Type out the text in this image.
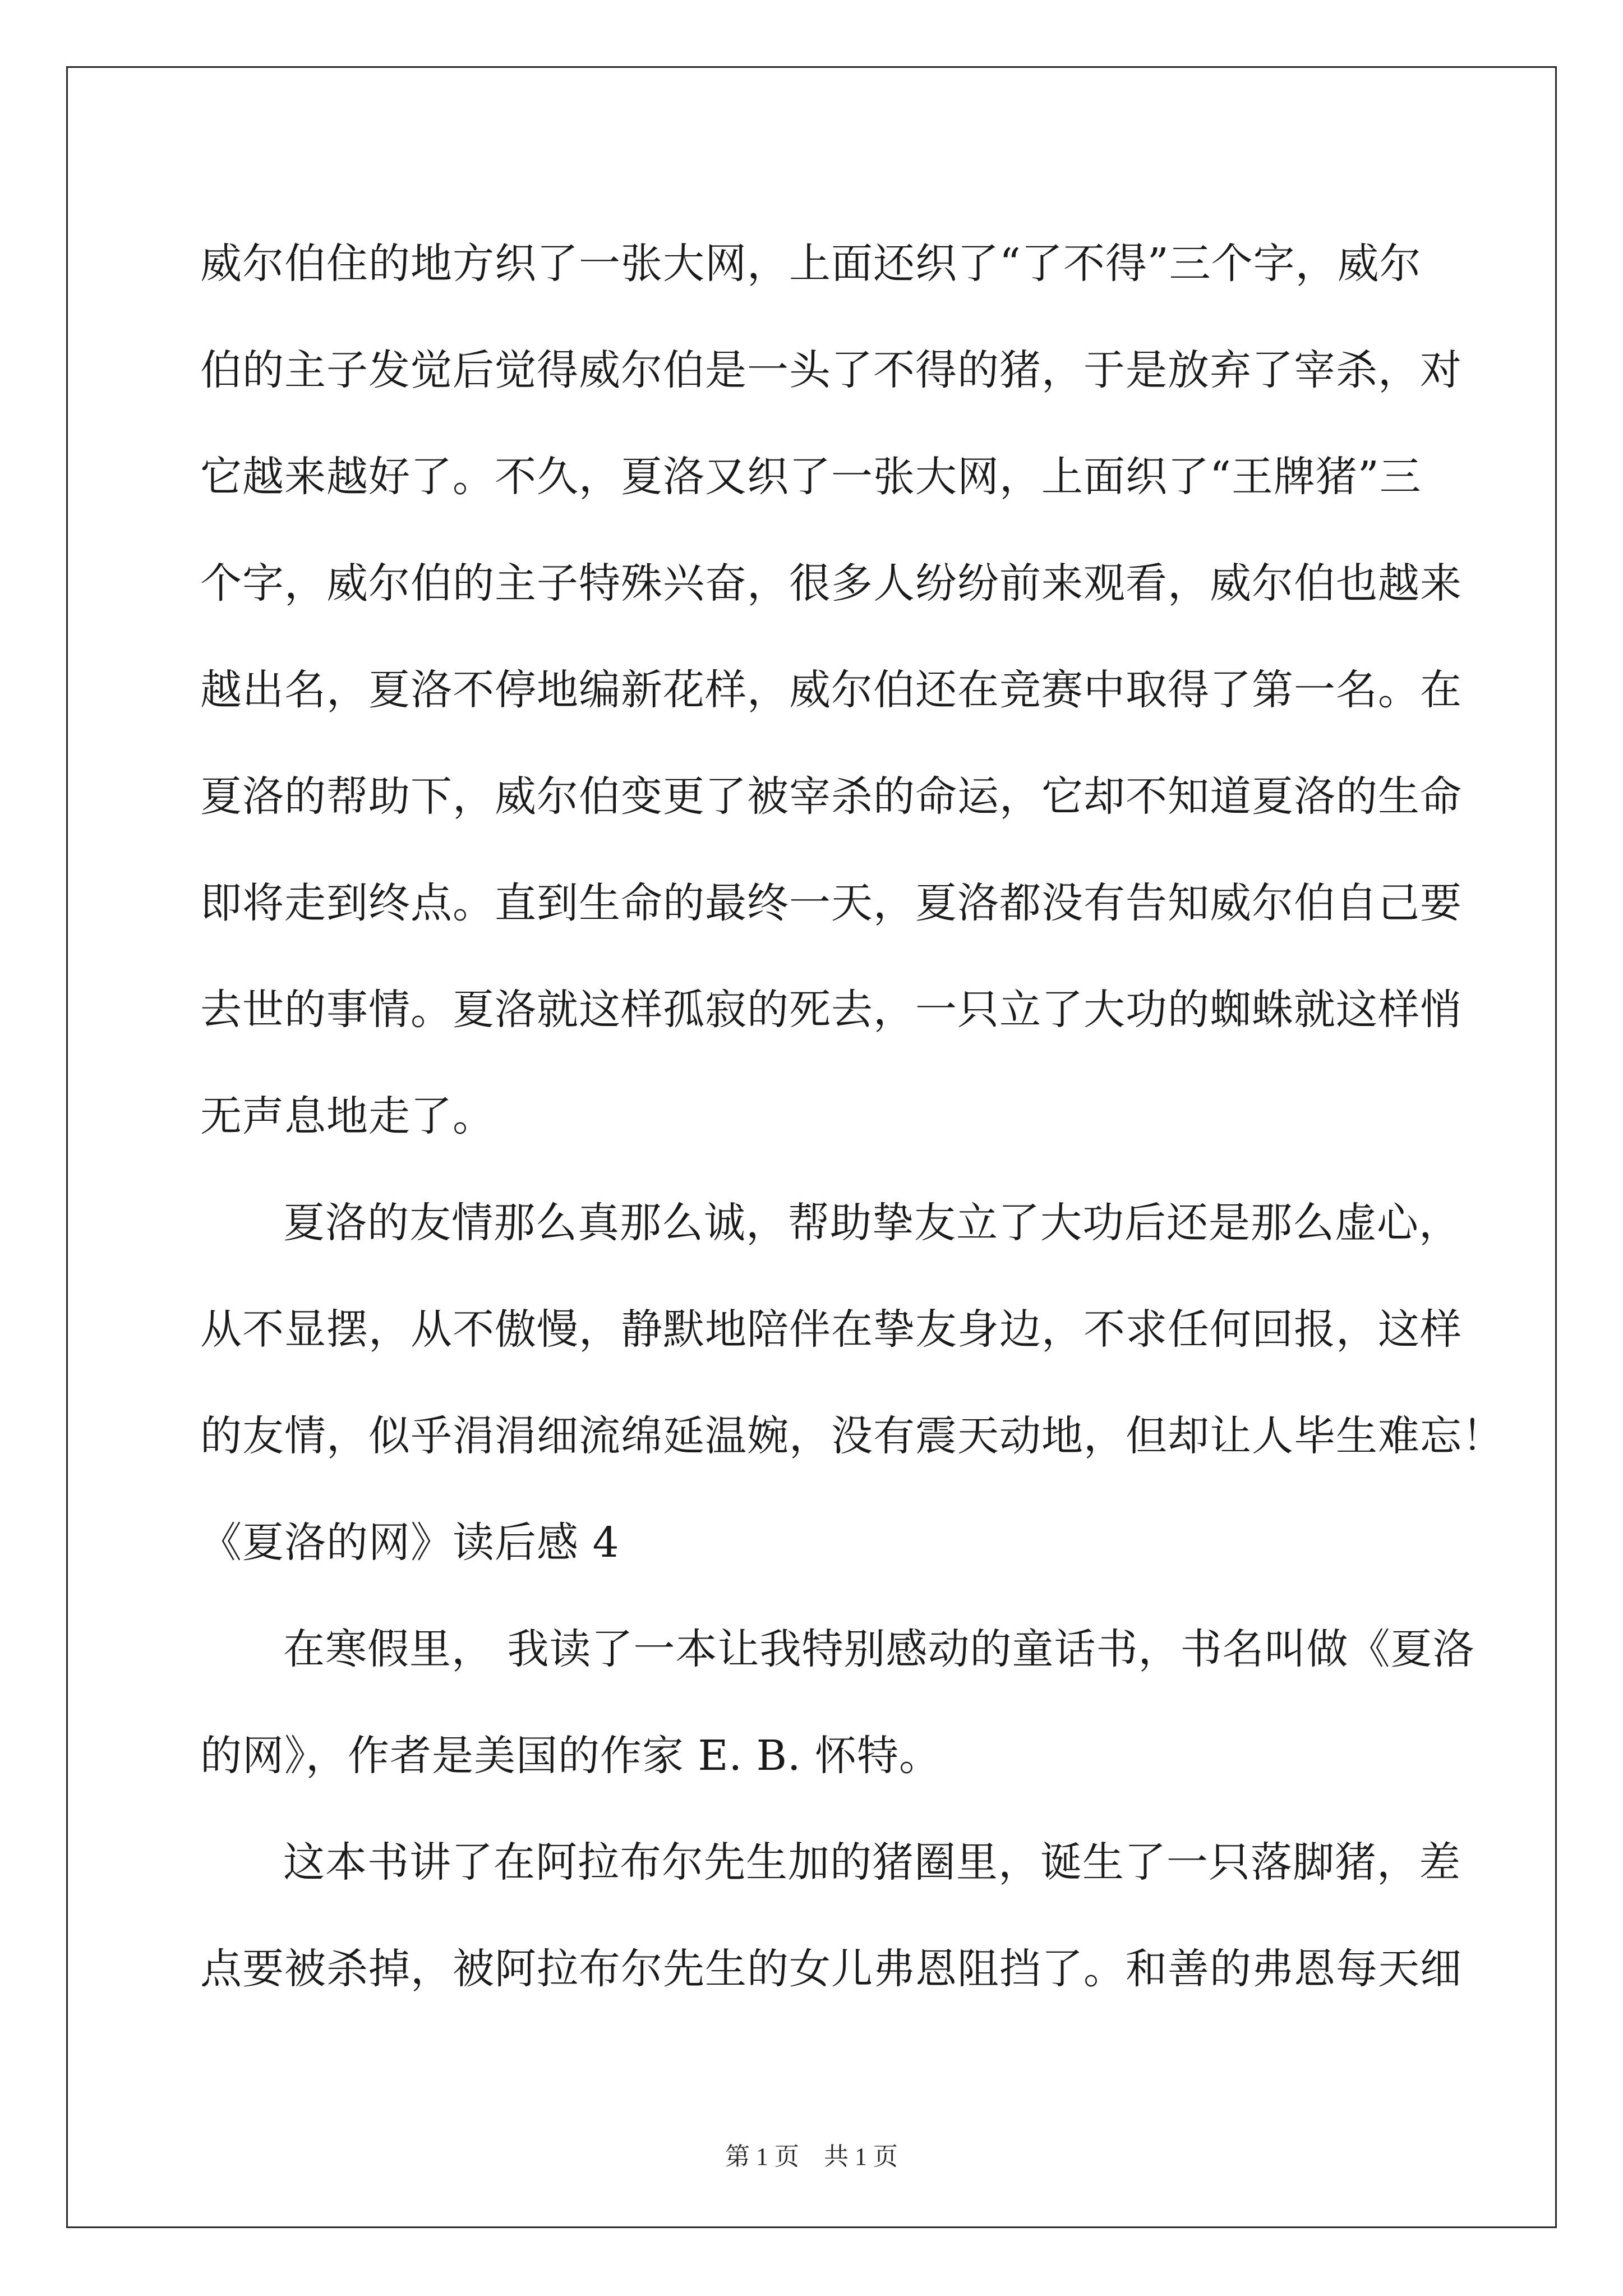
威尔伯住的地方织了一张大网，上面还织了“了不得”三个字，威尔
伯的主子发觉后觉得威尔伯是一头了不得的猪，于是放弃了宰杀，对
它越来越好了。不久，夏洛又织了一张大网，上面织了“王牌猪”三
个字，威尔伯的主子特殊兴奋，很多人纷纷前来观看，威尔伯也越来
越出名，夏洛不停地编新花样，威尔伯还在竞赛中取得了第一名。在
夏洛的帮助下，威尔伯变更了被宰杀的命运，它却不知道夏洛的生命
即将走到终点。直到生命的最终一天，夏洛都没有告知威尔伯自己要
去世的事情。夏洛就这样孤寂的死去，一只立了大功的蜘蛛就这样悄
无声息地走了。
夏洛的友情那么真那么诚，帮助挚友立了大功后还是那么虚心，
从不显摆，从不傲慢，静默地陪伴在挚友身边，不求任何回报，这样
的友情，似乎涓涓细流绵延温婉，没有震天动地，但却让人毕生难忘！
《夏洛的网》读后感 4
在寒假里， 我读了一本让我特别感动的童话书，书名叫做《夏洛
的网》，作者是美国的作家 E. B. 怀特。
这本书讲了在阿拉布尔先生加的猪圈里，诞生了一只落脚猪，差
点要被杀掉，被阿拉布尔先生的女儿弗恩阻挡了。和善的弗恩每天细
第 1 页　共 1 页
